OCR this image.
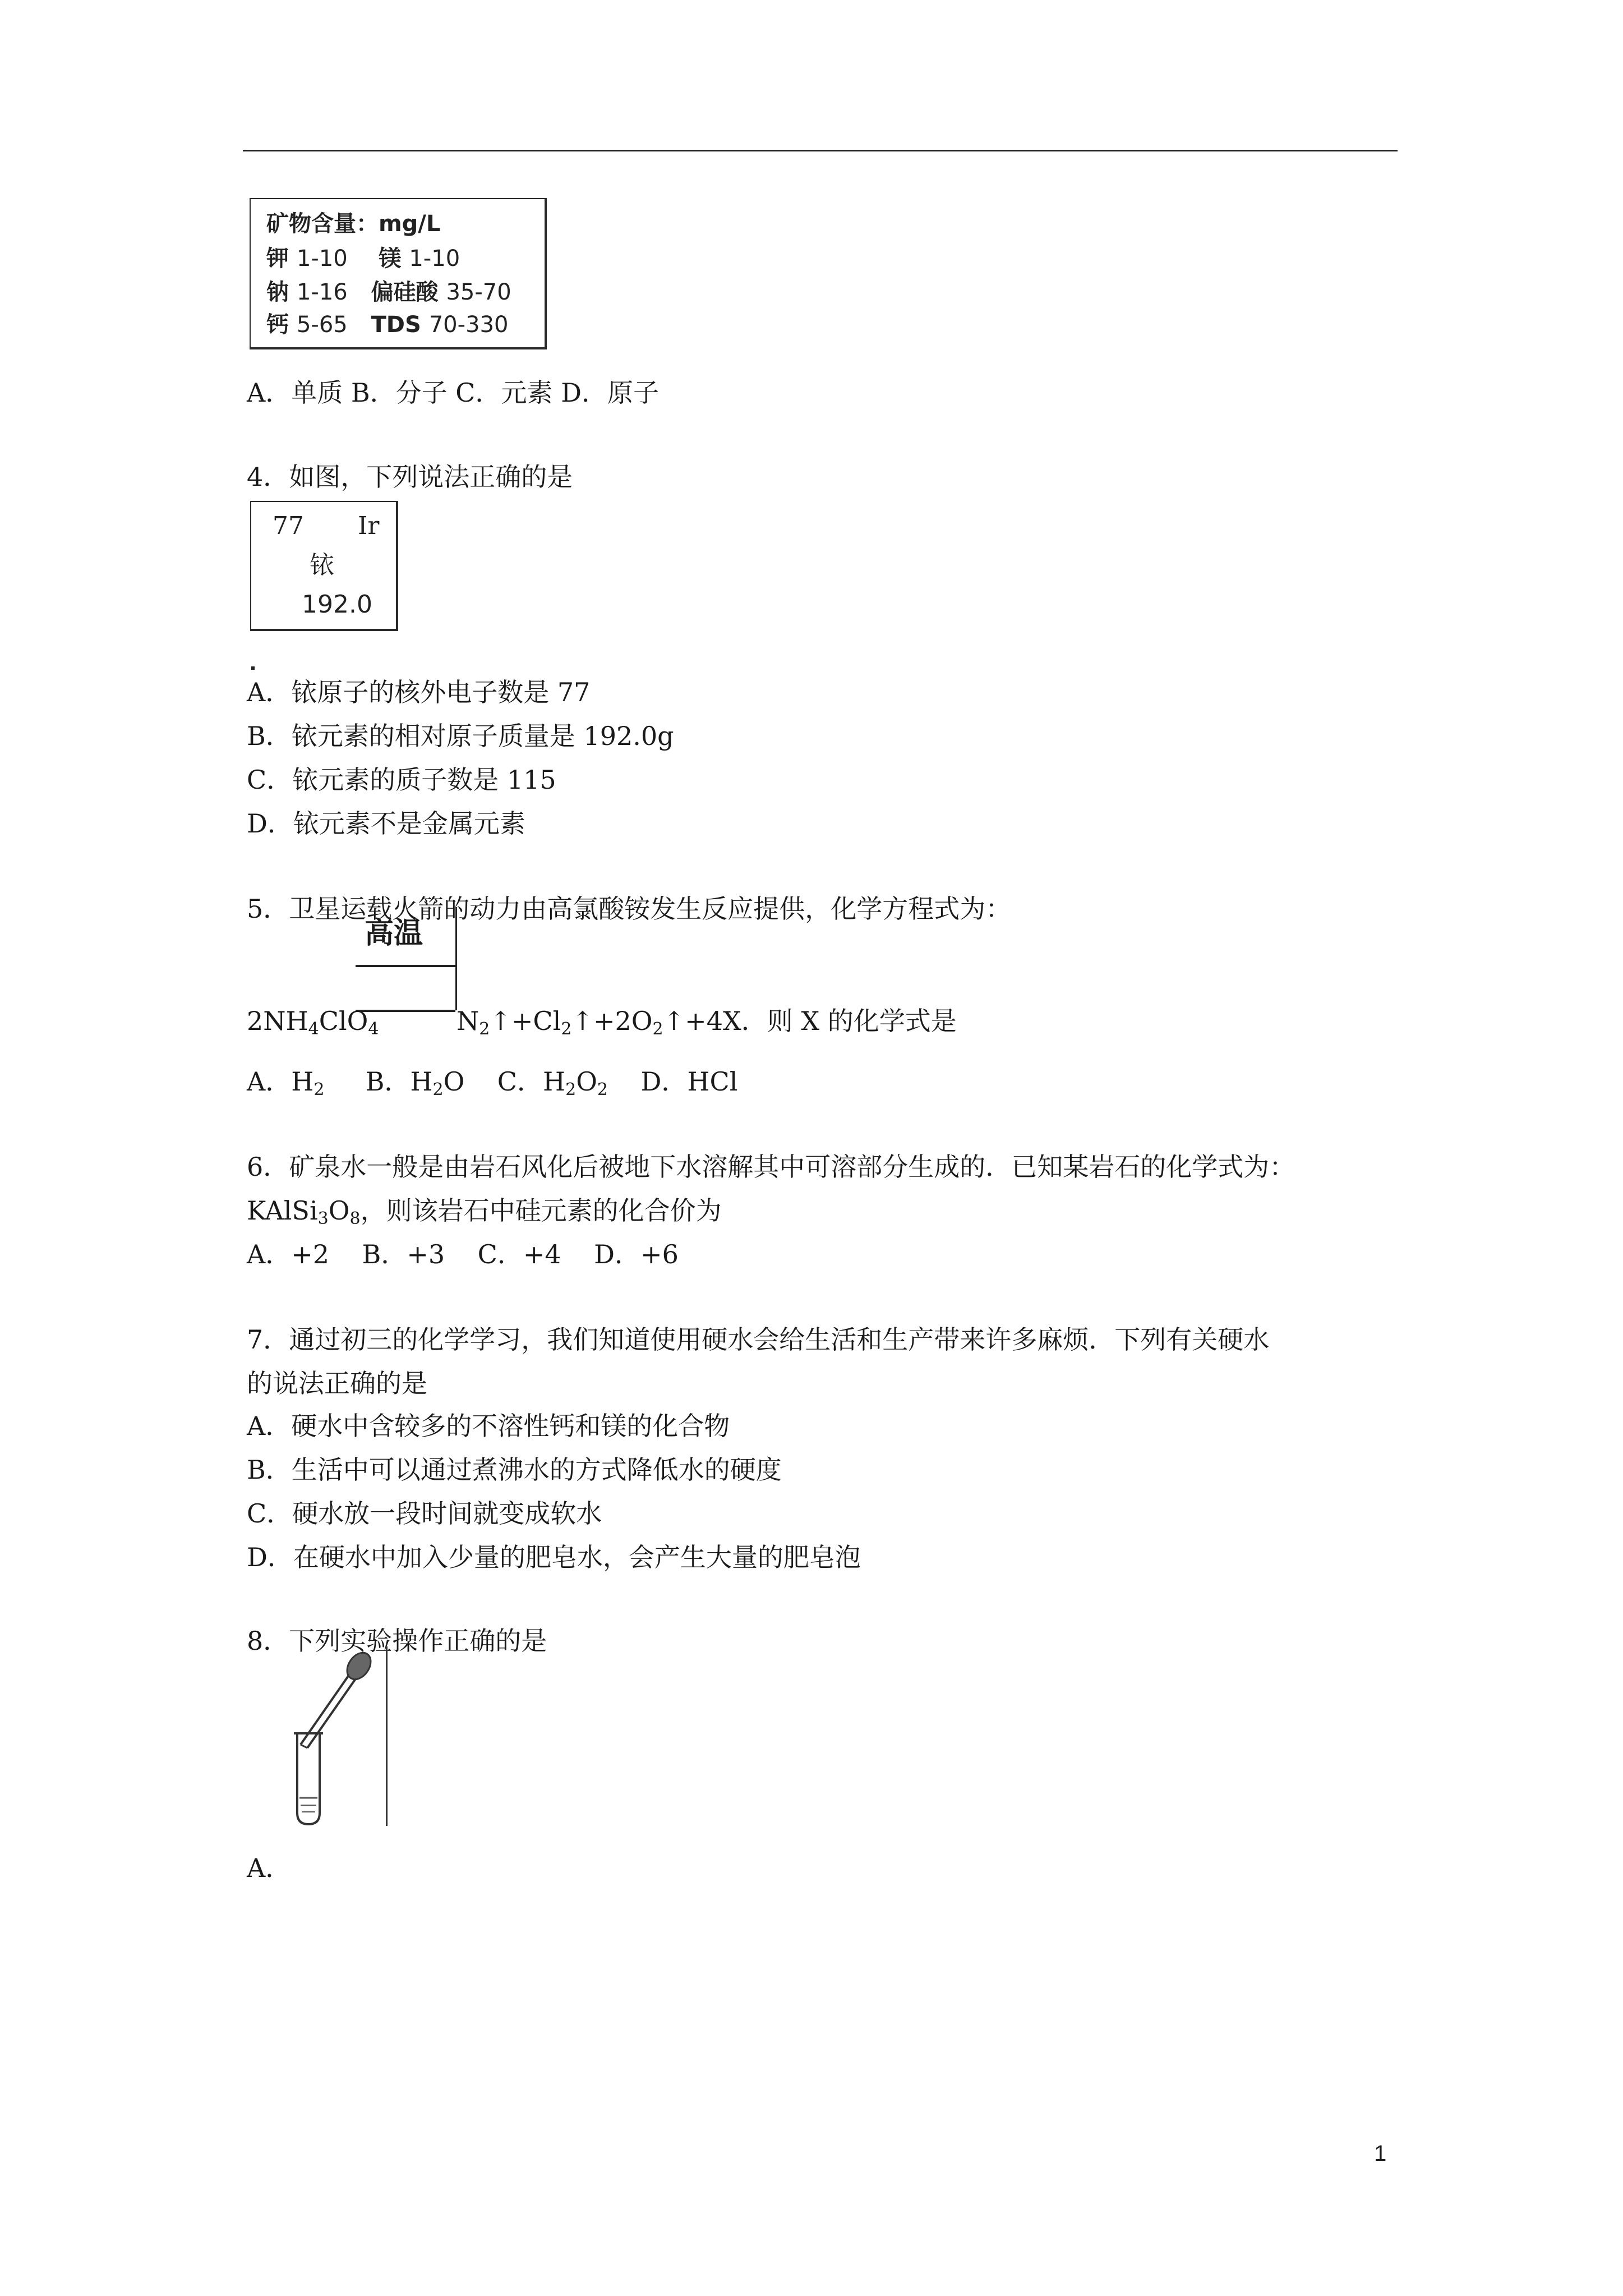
矿物含量：mg/L
钾 1-10 镁 1-10
钠 1-16 偏硅酸 35-70
钙 5-65 TDS 70-330
A．单质 B．分子 C．元素 D．原子
4．如图，下列说法正确的是
77 Ir
铱
192.0
A．铱原子的核外电子数是 77
B．铱元素的相对原子质量是 192.0g
C．铱元素的质子数是 115
D．铱元素不是金属元素
5．卫星运载火箭的动力由高氯酸铵发生反应提供，化学方程式为：
高温
$2NH_4ClO_4$	$N_2↑+Cl_2↑+2O_2↑+4X$．则 X 的化学式是
A．$H_2$ B．$H_2O$ C．$H_2O_2$ D．HCl
6．矿泉水一般是由岩石风化后被地下水溶解其中可溶部分生成的．已知某岩石的化学式为：
$KAlSi_3O_8$，则该岩石中硅元素的化合价为
A．+2 B．+3 C．+4 D．+6
7．通过初三的化学学习，我们知道使用硬水会给生活和生产带来许多麻烦．下列有关硬水
的说法正确的是
A．硬水中含较多的不溶性钙和镁的化合物
B．生活中可以通过煮沸水的方式降低水的硬度
C．硬水放一段时间就变成软水
D．在硬水中加入少量的肥皂水，会产生大量的肥皂泡
8．下列实验操作正确的是
A．
1
